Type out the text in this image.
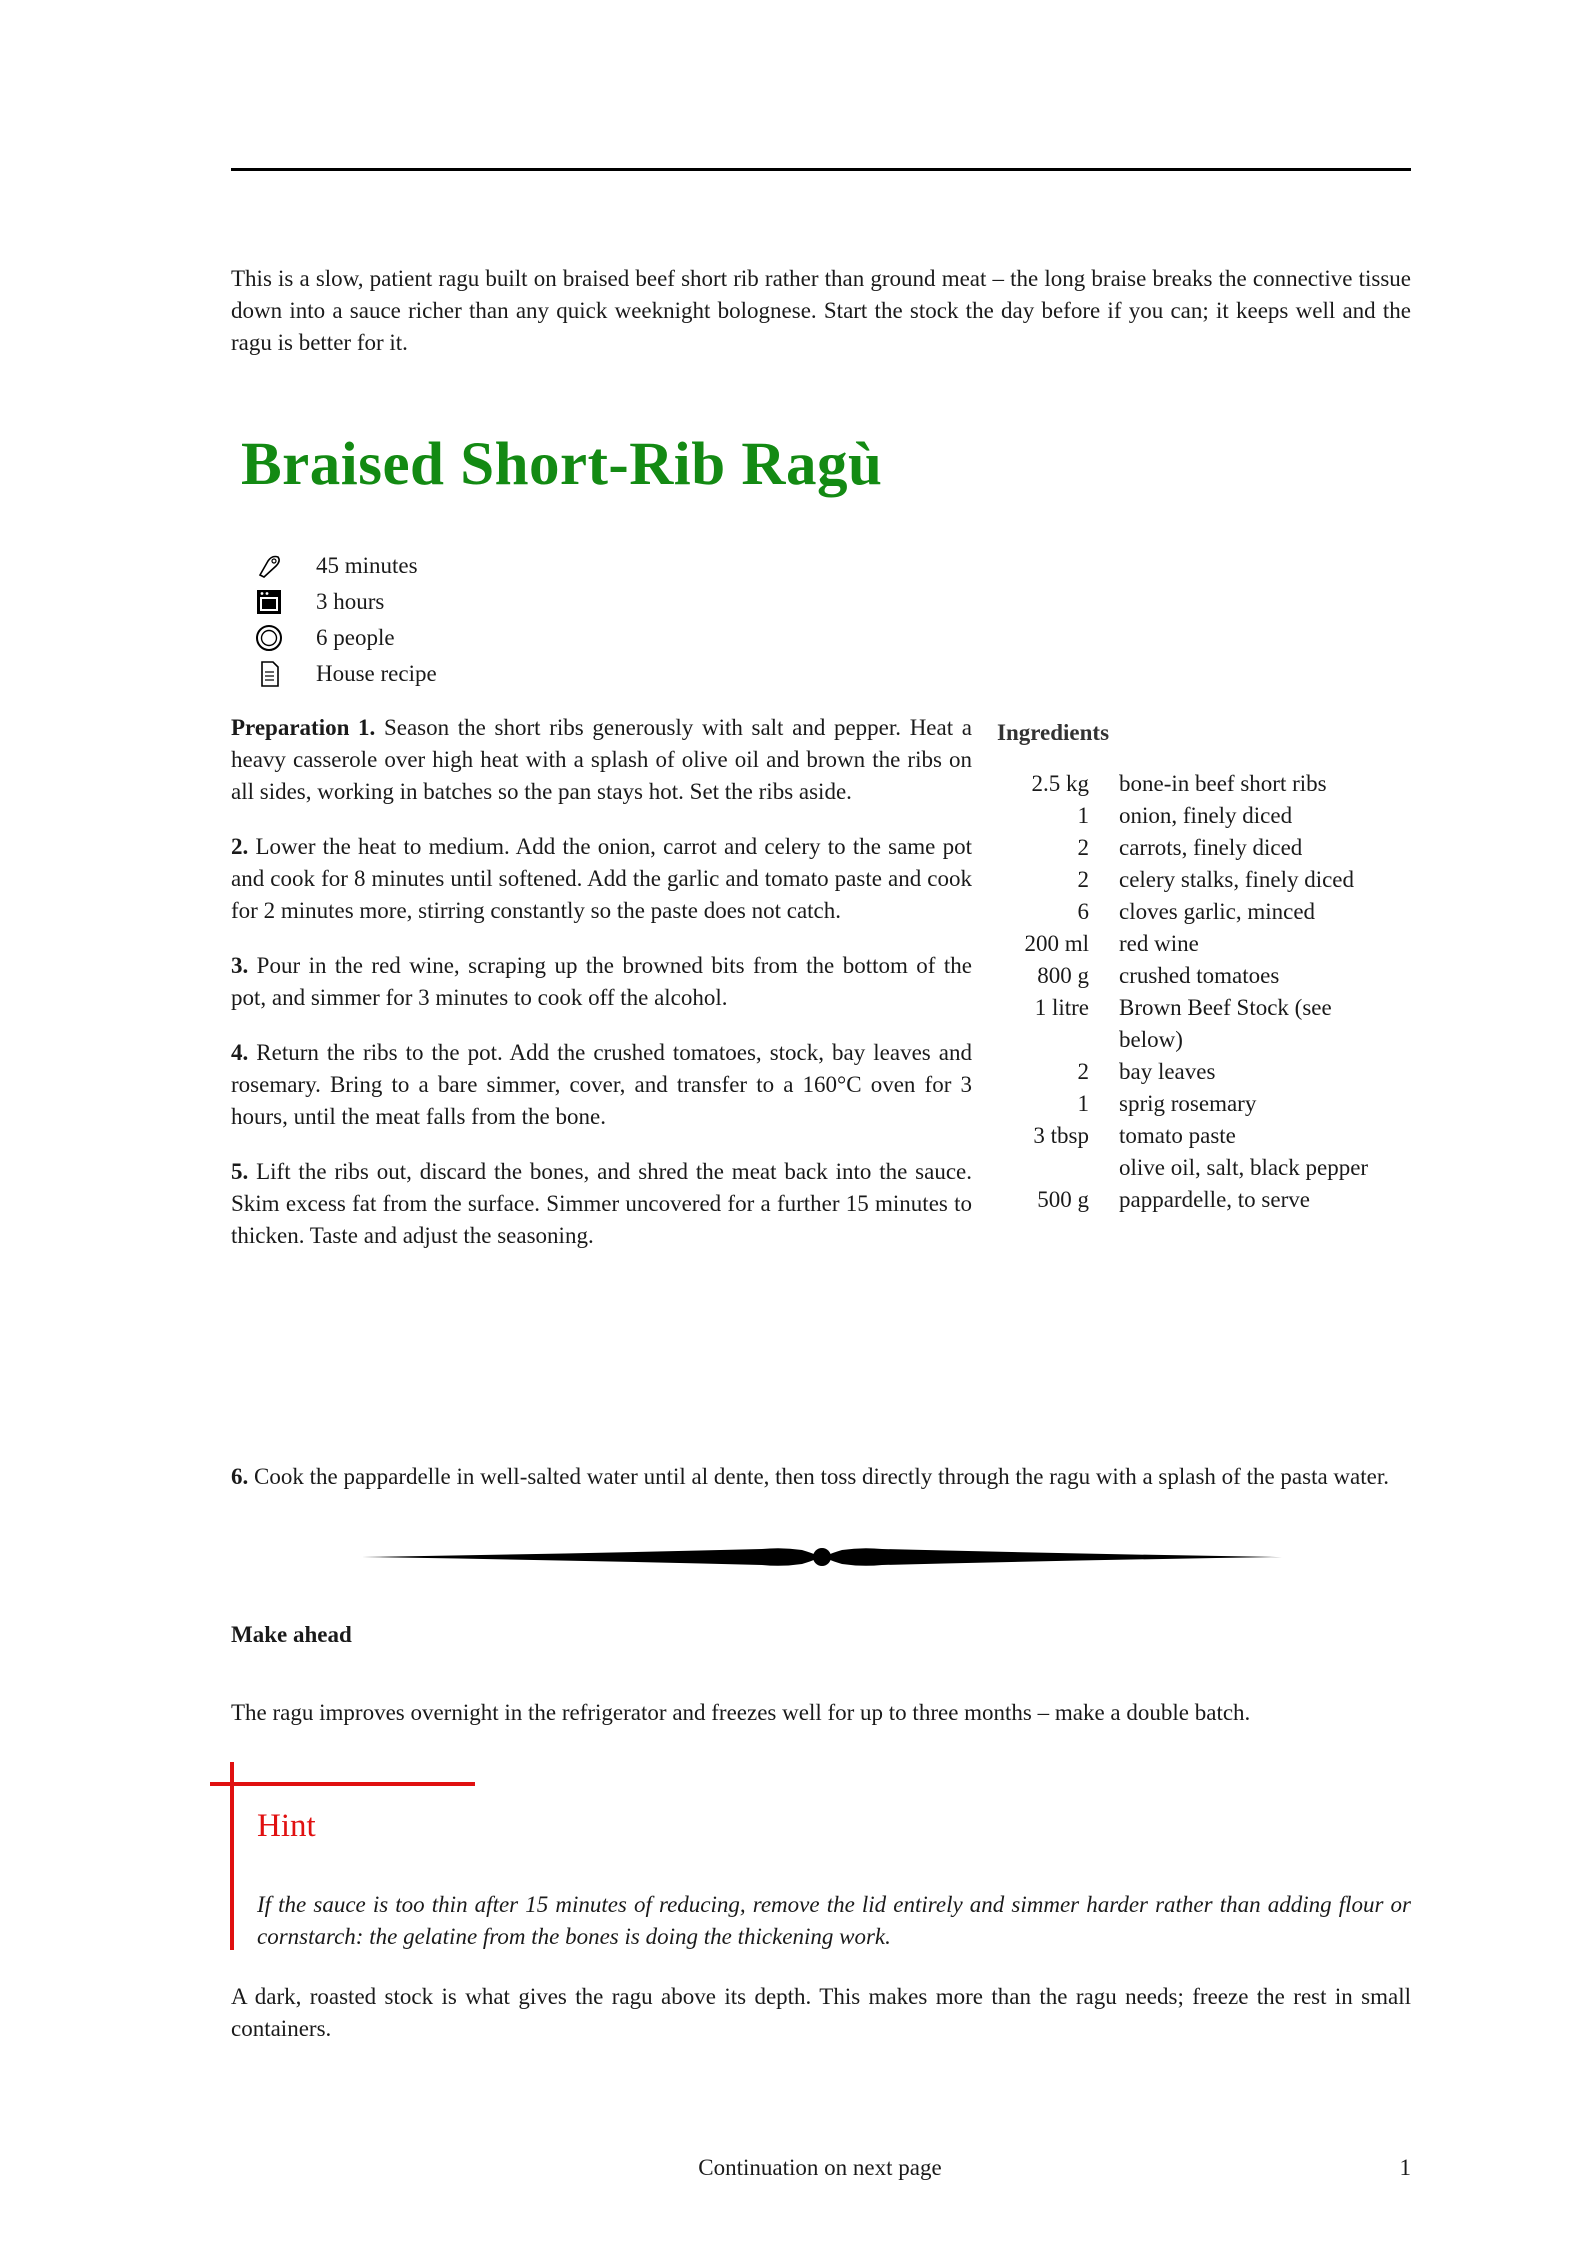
This is a slow, patient ragu built on braised beef short rib rather than ground meat – the long braise breaks the connective tissue down into a sauce richer than any quick weeknight bolognese. Start the stock the day before if you can; it keeps well and the ragu is better for it.

Braised Short-Rib Ragù
45 minutes
3 hours
6 people
House recipe

Preparation 1. Season the short ribs generously with salt and pepper. Heat a heavy casserole over high heat with a splash of olive oil and brown the ribs on all sides, working in batches so the pan stays hot. Set the ribs aside.

2. Lower the heat to medium. Add the onion, carrot and celery to the same pot and cook for 8 minutes until softened. Add the garlic and tomato paste and cook for 2 minutes more, stirring constantly so the paste does not catch.

3. Pour in the red wine, scraping up the browned bits from the bottom of the pot, and simmer for 3 minutes to cook off the alcohol.

4. Return the ribs to the pot. Add the crushed tomatoes, stock, bay leaves and rosemary. Bring to a bare simmer, cover, and transfer to a 160°C oven for 3 hours, until the meat falls from the bone.

5. Lift the ribs out, discard the bones, and shred the meat back into the sauce. Skim excess fat from the surface. Simmer uncovered for a further 15 minutes to thicken. Taste and adjust the seasoning.

Ingredients
2.5 kg	bone-in beef short ribs
1	onion, finely diced
2	carrots, finely diced
2	celery stalks, finely diced
6	cloves garlic, minced
200 ml	red wine
800 g	crushed tomatoes
1 litre	Brown Beef Stock (see below)
2	bay leaves
1	sprig rosemary
3 tbsp	tomato paste
olive oil, salt, black pepper
500 g	pappardelle, to serve

6. Cook the pappardelle in well-salted water until al dente, then toss directly through the ragu with a splash of the pasta water.

Make ahead

The ragu improves overnight in the refrigerator and freezes well for up to three months – make a double batch.

Hint

If the sauce is too thin after 15 minutes of reducing, remove the lid entirely and simmer harder rather than adding flour or cornstarch: the gelatine from the bones is doing the thickening work.

A dark, roasted stock is what gives the ragu above its depth. This makes more than the ragu needs; freeze the rest in small containers.

Continuation on next page	1
